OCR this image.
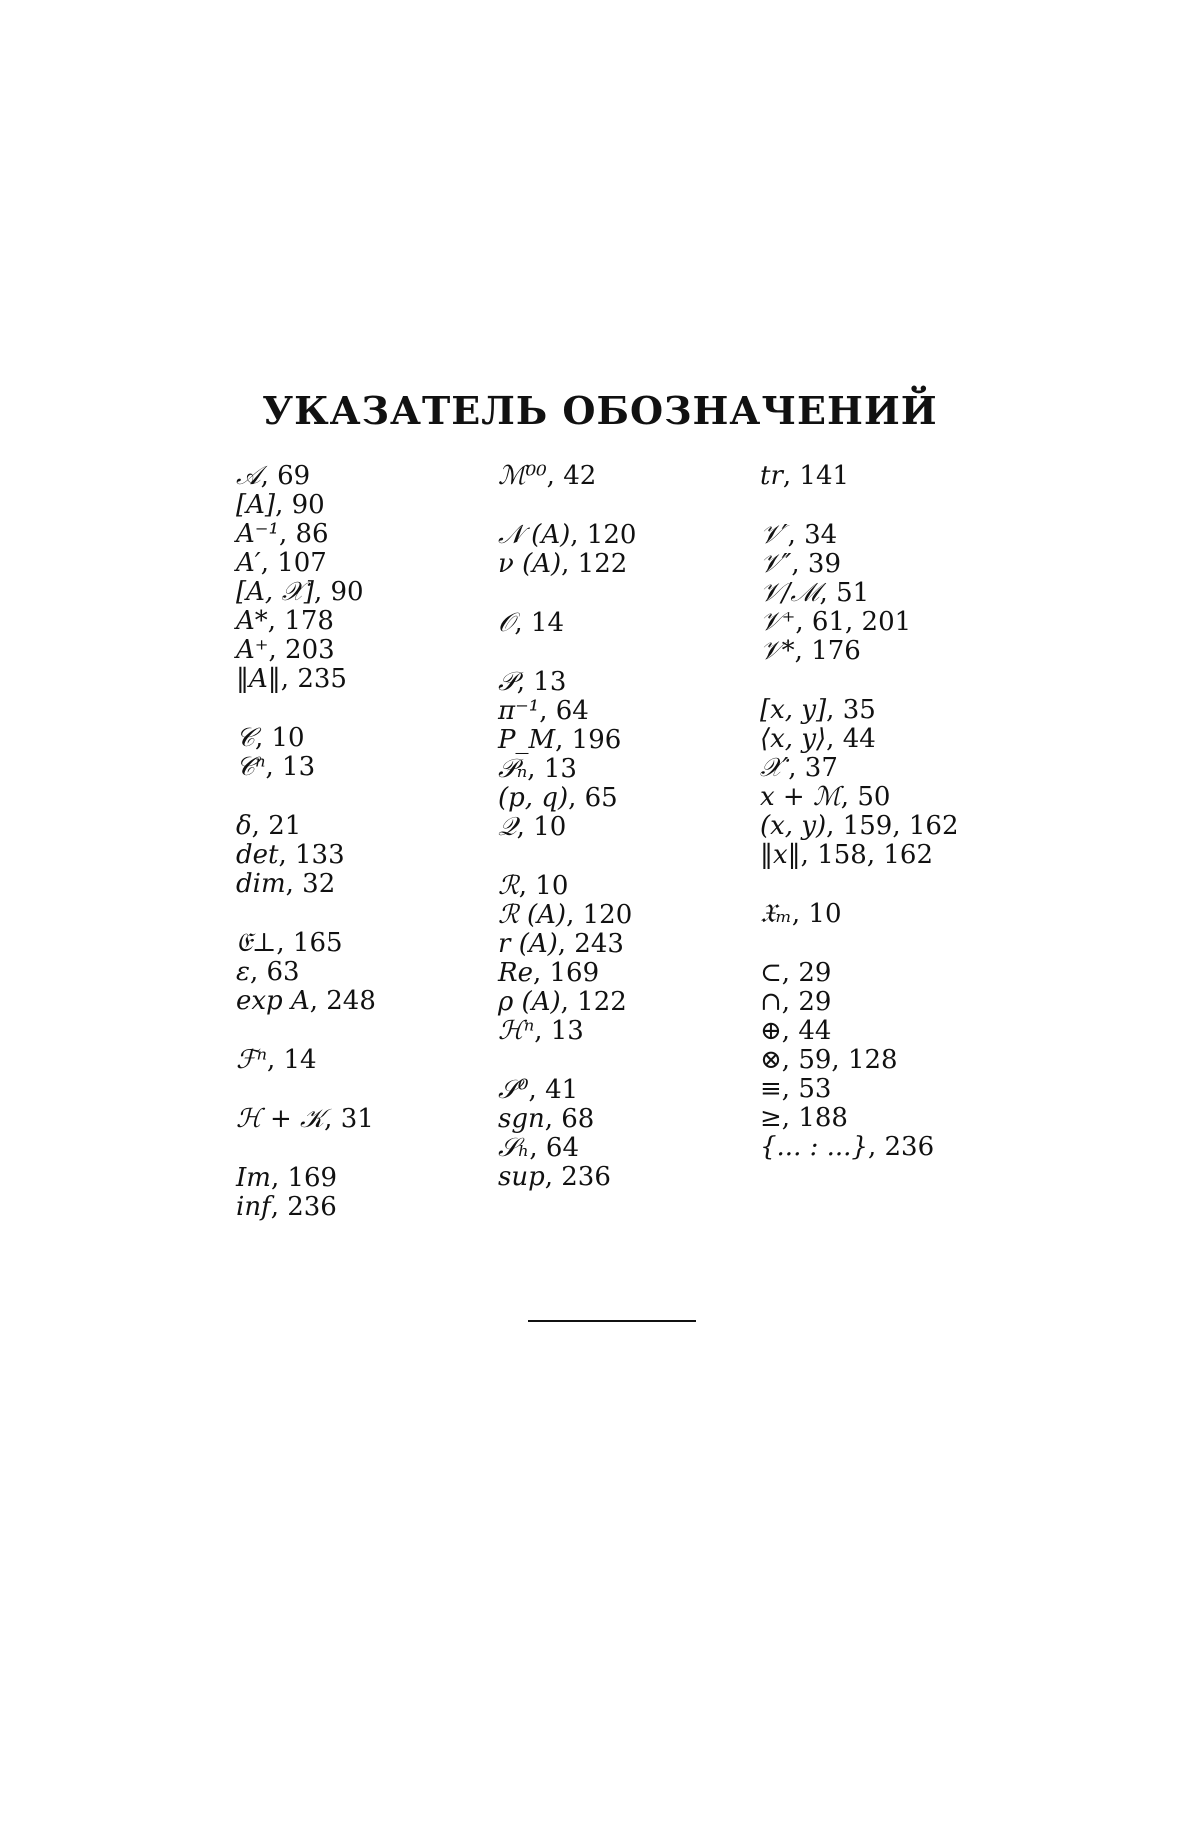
УКАЗАТЕЛЬ ОБОЗНАЧЕНИЙ
𝒜, 69
[A], 90
A⁻¹, 86
A′, 107
[A, 𝒳], 90
A*, 178
A⁺, 203
‖A‖, 235
𝒞, 10
𝒞ⁿ, 13
δ, 21
det, 133
dim, 32
𝔈⊥, 165
ε, 63
exp A, 248
ℱⁿ, 14
ℋ + 𝒦, 31
Im, 169
inf, 236
ℳ⁰⁰, 42
𝒩 (A), 120
ν (A), 122
𝒪, 14
𝒫, 13
π⁻¹, 64
P_M, 196
𝒫ₙ, 13
(p, q), 65
𝒬, 10
ℛ, 10
ℛ (A), 120
r (A), 243
Re, 169
ρ (A), 122
ℋⁿ, 13
𝒮⁰, 41
sgn, 68
𝒮ₕ, 64
sup, 236
tr, 141
𝒱′, 34
𝒱″, 39
𝒱/ℳ, 51
𝒱⁺, 61, 201
𝒱*, 176
[x, y], 35
⟨x, y⟩, 44
𝒳′, 37
x + ℳ, 50
(x, y), 159, 162
‖x‖, 158, 162
𝔛ₘ, 10
⊂, 29
∩, 29
⊕, 44
⊗, 59, 128
≡, 53
≥, 188
{... : ...}, 236
